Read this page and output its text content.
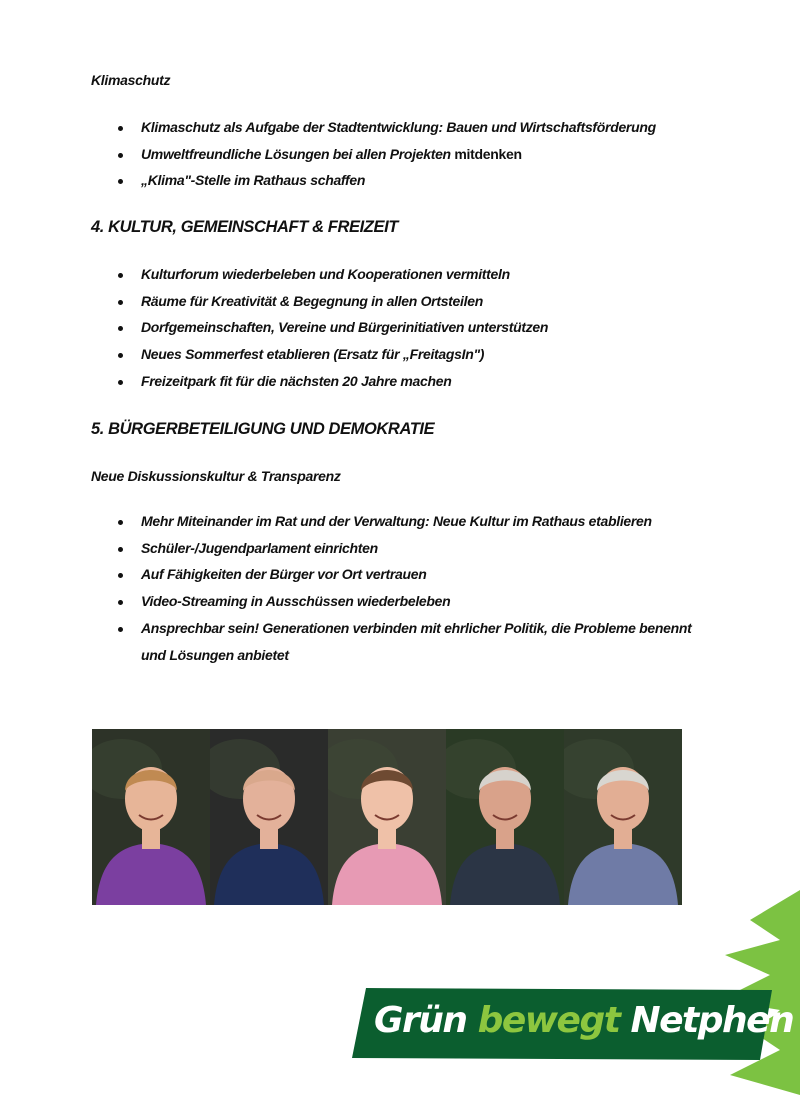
Klimaschutz
Klimaschutz als Aufgabe der Stadtentwicklung: Bauen und Wirtschaftsförderung
Umweltfreundliche Lösungen bei allen Projekten mitdenken
„Klima"-Stelle im Rathaus schaffen
4. KULTUR, GEMEINSCHAFT & FREIZEIT
Kulturforum wiederbeleben und Kooperationen vermitteln
Räume für Kreativität & Begegnung in allen Ortsteilen
Dorfgemeinschaften, Vereine und Bürgerinitiativen unterstützen
Neues Sommerfest etablieren (Ersatz für „FreitagsIn")
Freizeitpark fit für die nächsten 20 Jahre machen
5. BÜRGERBETEILIGUNG UND DEMOKRATIE
Neue Diskussionskultur & Transparenz
Mehr Miteinander im Rat und der Verwaltung: Neue Kultur im Rathaus etablieren
Schüler-/Jugendparlament einrichten
Auf Fähigkeiten der Bürger vor Ort vertrauen
Video-Streaming in Ausschüssen wiederbeleben
Ansprechbar sein! Generationen verbinden mit ehrlicher Politik, die Probleme benennt und Lösungen anbietet
Grün bewegt Netphen
